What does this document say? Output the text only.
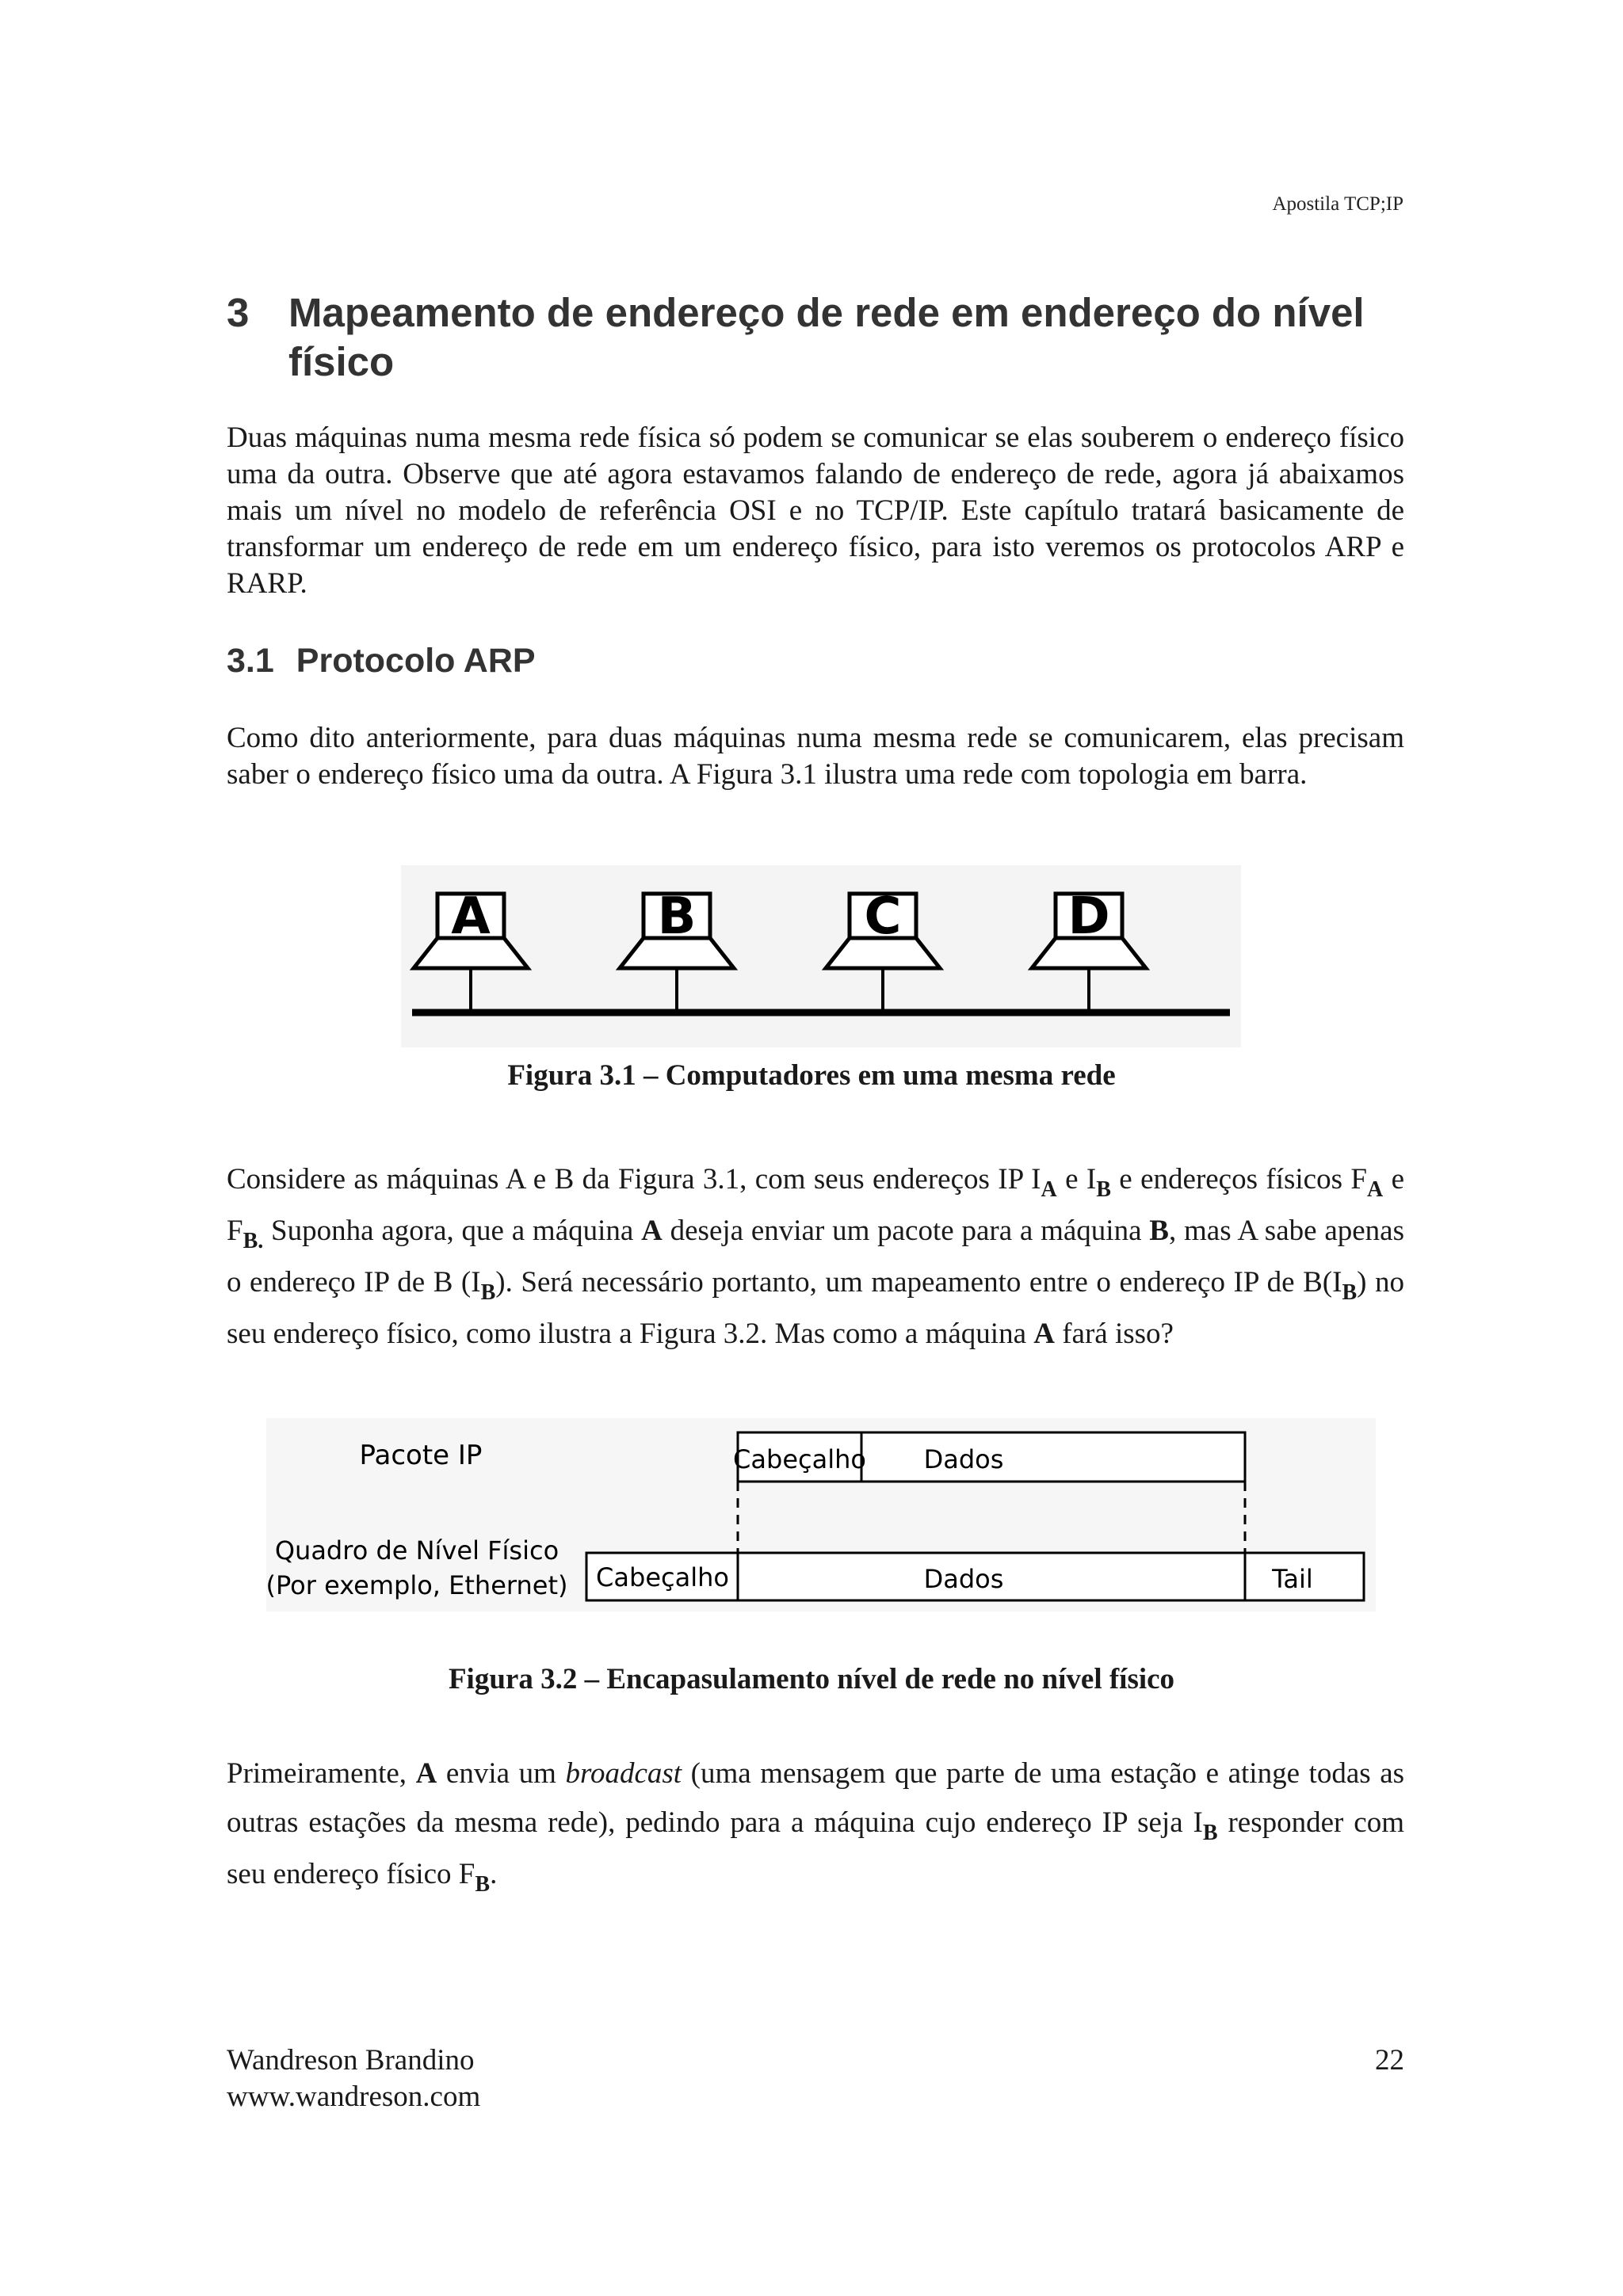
Apostila TCP;IP
3 Mapeamento de endereço de rede em endereço do nível físico
Duas máquinas numa mesma rede física só podem se comunicar se elas souberem o endereço físico uma da outra. Observe que até agora estavamos falando de endereço de rede, agora já abaixamos mais um nível no modelo de referência OSI e no TCP/IP. Este capítulo tratará basicamente de transformar um endereço de rede em um endereço físico, para isto veremos os protocolos ARP e RARP.
3.1 Protocolo ARP
Como dito anteriormente, para duas máquinas numa mesma rede se comunicarem, elas precisam saber o endereço físico uma da outra. A Figura 3.1 ilustra uma rede com topologia em barra.
A	B	C	D
Figura 3.1 – Computadores em uma mesma rede
Considere as máquinas A e B da Figura 3.1, com seus endereços IP $I_A$ e $I_B$ e endereços físicos $F_A$ e $F_{B.}$ Suponha agora, que a máquina A deseja enviar um pacote para a máquina B, mas A sabe apenas o endereço IP de B $(I_B)$. Será necessário portanto, um mapeamento entre o endereço IP de $B(I_B)$ no seu endereço físico, como ilustra a Figura 3.2. Mas como a máquina A fará isso?
Pacote IP	Cabeçalho Dados
Quadro de Nível Físico
(Por exemplo, Ethernet) Cabeçalho	Dados	Tail
Figura 3.2 – Encapasulamento nível de rede no nível físico
Primeiramente, A envia um broadcast (uma mensagem que parte de uma estação e atinge todas as outras estações da mesma rede), pedindo para a máquina cujo endereço IP seja $I_B$ responder com seu endereço físico $F_B$.
Wandreson Brandino
www.wandreson.com
22
